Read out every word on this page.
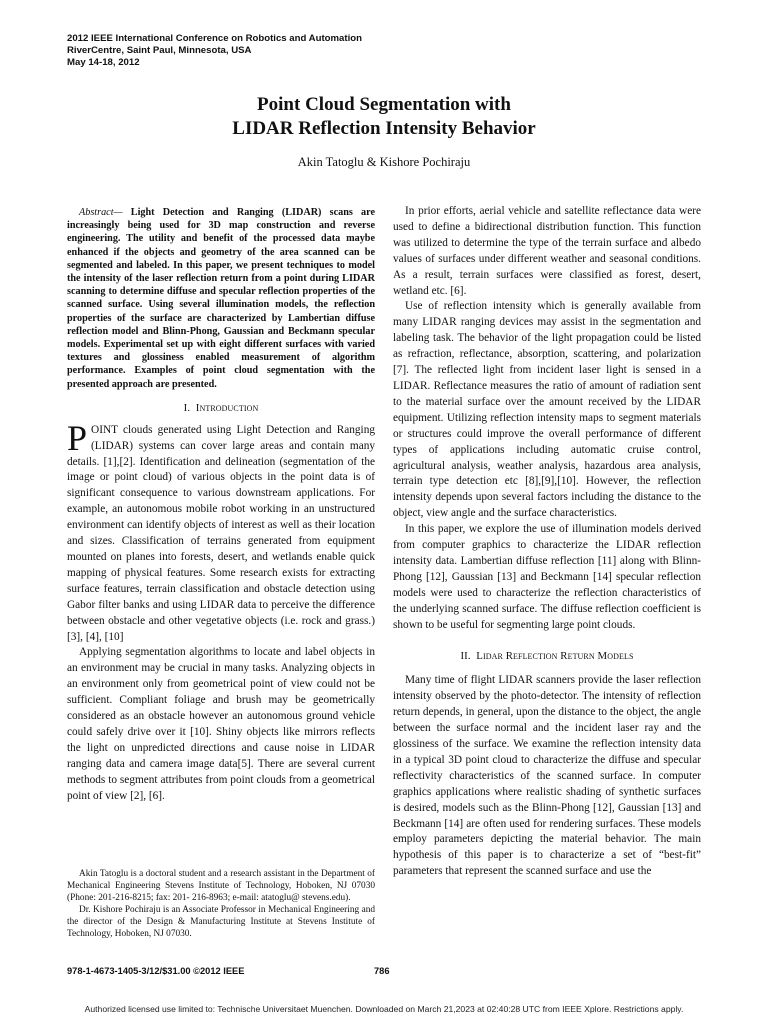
2012 IEEE International Conference on Robotics and Automation
RiverCentre, Saint Paul, Minnesota, USA
May 14-18, 2012
Point Cloud Segmentation with
LIDAR Reflection Intensity Behavior
Akin Tatoglu & Kishore Pochiraju

Abstract— Light Detection and Ranging (LIDAR) scans are increasingly being used for 3D map construction and reverse engineering. The utility and benefit of the processed data maybe enhanced if the objects and geometry of the area scanned can be segmented and labeled. In this paper, we present techniques to model the intensity of the laser reflection return from a point during LIDAR scanning to determine diffuse and specular reflection properties of the scanned surface. Using several illumination models, the reflection properties of the surface are characterized by Lambertian diffuse reflection model and Blinn-Phong, Gaussian and Beckmann specular models. Experimental set up with eight different surfaces with varied textures and glossiness enabled measurement of algorithm performance. Examples of point cloud segmentation with the presented approach are presented.

I. Introduction

POINT clouds generated using Light Detection and Ranging (LIDAR) systems can cover large areas and contain many details. [1],[2]. Identification and delineation (segmentation of the image or point cloud) of various objects in the point data is of significant consequence to various downstream applications. For example, an autonomous mobile robot working in an unstructured environment can identify objects of interest as well as their location and sizes. Classification of terrains generated from equipment mounted on planes into forests, desert, and wetlands enable quick mapping of physical features. Some research exists for extracting surface features, terrain classification and obstacle detection using Gabor filter banks and using LIDAR data to perceive the difference between obstacle and other vegetative objects (i.e. rock and grass.) [3], [4], [10]

Applying segmentation algorithms to locate and label objects in an environment may be crucial in many tasks. Analyzing objects in an environment only from geometrical point of view could not be sufficient. Compliant foliage and brush may be geometrically considered as an obstacle however an autonomous ground vehicle could safely drive over it [10]. Shiny objects like mirrors reflects the light on unpredicted directions and cause noise in LIDAR ranging data and camera image data[5]. There are several current methods to segment attributes from point clouds from a geometrical point of view [2], [6].

Akin Tatoglu is a doctoral student and a research assistant in the Department of Mechanical Engineering Stevens Institute of Technology, Hoboken, NJ 07030 (Phone: 201-216-8215; fax: 201- 216-8963; e-mail: atatoglu@ stevens.edu).

Dr. Kishore Pochiraju is an Associate Professor in Mechanical Engineering and the director of the Design & Manufacturing Institute at Stevens Institute of Technology, Hoboken, NJ 07030.

In prior efforts, aerial vehicle and satellite reflectance data were used to define a bidirectional distribution function. This function was utilized to determine the type of the terrain surface and albedo values of surfaces under different weather and seasonal conditions. As a result, terrain surfaces were classified as forest, desert, wetland etc. [6].

Use of reflection intensity which is generally available from many LIDAR ranging devices may assist in the segmentation and labeling task. The behavior of the light propagation could be listed as refraction, reflectance, absorption, scattering, and polarization [7]. The reflected light from incident laser light is sensed in a LIDAR. Reflectance measures the ratio of amount of radiation sent to the material surface over the amount received by the LIDAR equipment. Utilizing reflection intensity maps to segment materials or structures could improve the overall performance of different types of applications including automatic cruise control, agricultural analysis, weather analysis, hazardous area analysis, terrain type detection etc [8],[9],[10]. However, the reflection intensity depends upon several factors including the distance to the object, view angle and the surface characteristics.

In this paper, we explore the use of illumination models derived from computer graphics to characterize the LIDAR reflection intensity data. Lambertian diffuse reflection [11] along with Blinn-Phong [12], Gaussian [13] and Beckmann [14] specular reflection models were used to characterize the reflection characteristics of the underlying scanned surface. The diffuse reflection coefficient is shown to be useful for segmenting large point clouds.

II. Lidar Reflection Return Models

Many time of flight LIDAR scanners provide the laser reflection intensity observed by the photo-detector. The intensity of reflection return depends, in general, upon the distance to the object, the angle between the surface normal and the incident laser ray and the glossiness of the surface. We examine the reflection intensity data in a typical 3D point cloud to characterize the diffuse and specular reflectivity characteristics of the scanned surface. In computer graphics applications where realistic shading of synthetic surfaces is desired, models such as the Blinn-Phong [12], Gaussian [13] and Beckmann [14] are often used for rendering surfaces. These models employ parameters depicting the material behavior. The main hypothesis of this paper is to characterize a set of “best-fit” parameters that represent the scanned surface and use the

978-1-4673-1405-3/12/$31.00 ©2012 IEEE	786
Authorized licensed use limited to: Technische Universitaet Muenchen. Downloaded on March 21,2023 at 02:40:28 UTC from IEEE Xplore. Restrictions apply.
